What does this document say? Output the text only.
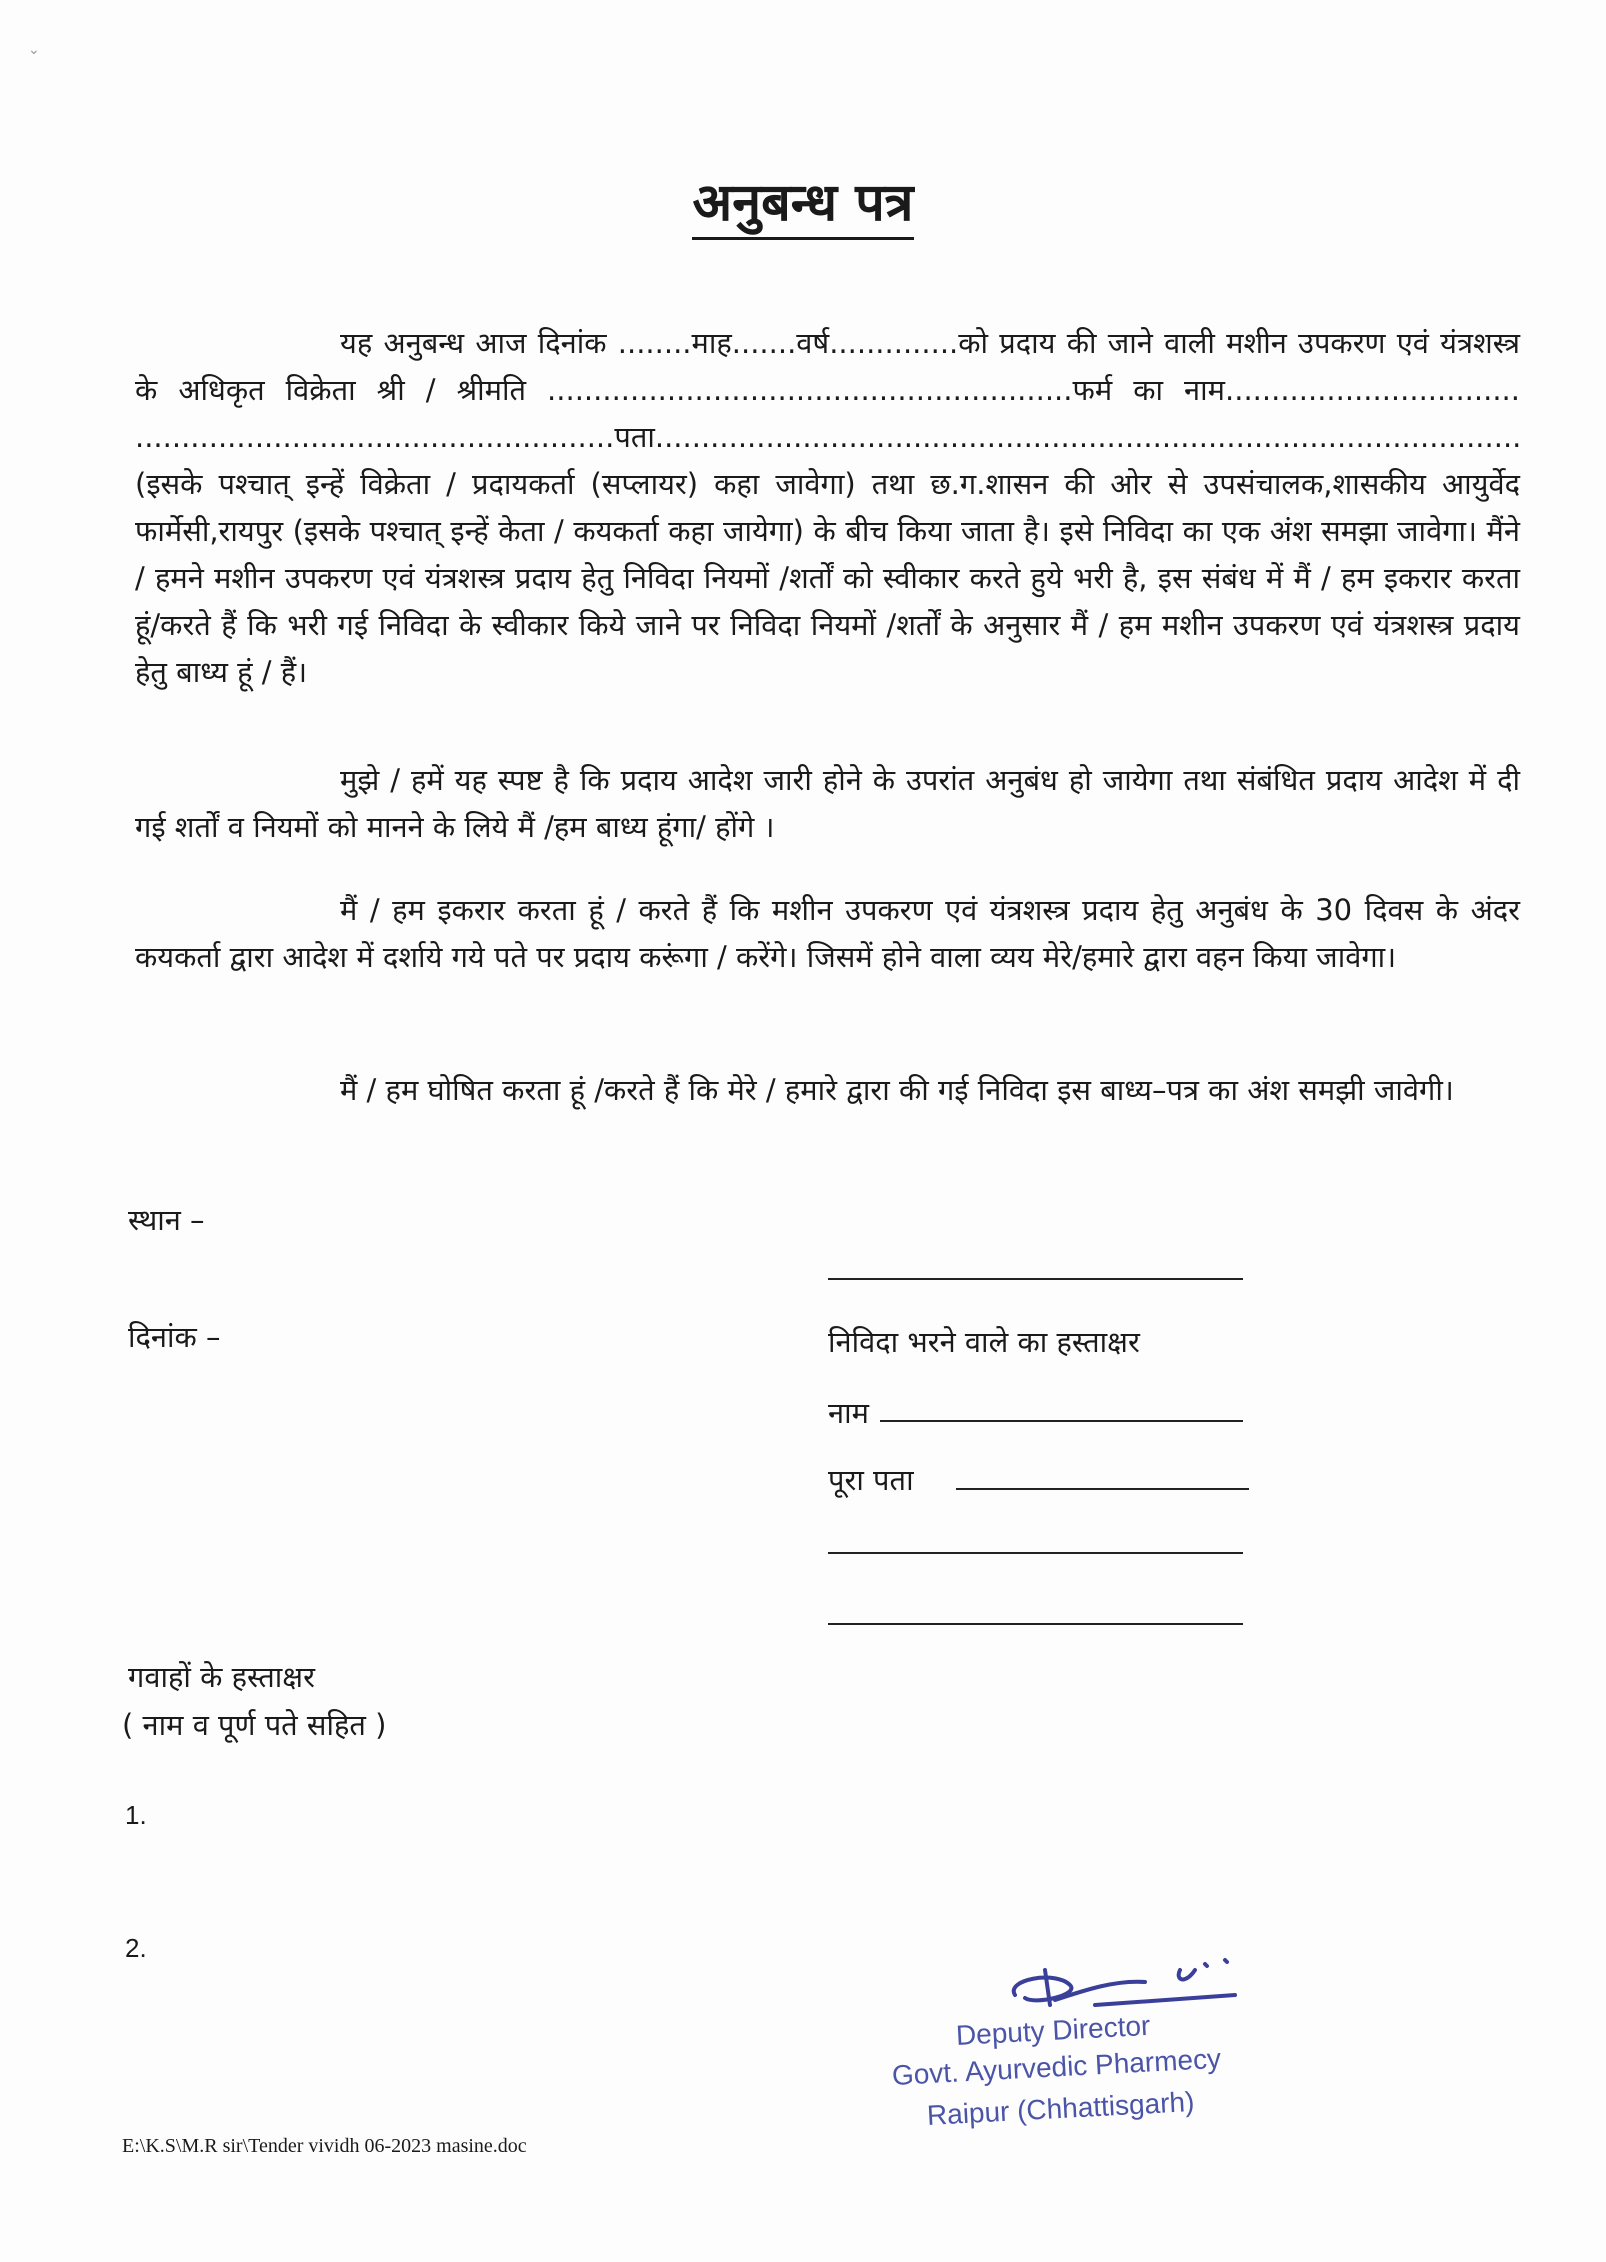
⌄
अनुबन्ध पत्र
यह अनुबन्ध आज दिनांक ........माह.......वर्ष..............को प्रदाय की जाने वाली मशीन उपकरण एवं यंत्रशस्त्र के अधिकृत विक्रेता श्री / श्रीमति .........................................................फर्म का नाम................................ ....................................................पता..............................................................................................(इसके पश्चात् इन्हें विक्रेता / प्रदायकर्ता (सप्लायर) कहा जावेगा) तथा छ.ग.शासन की ओर से उपसंचालक,शासकीय आयुर्वेद फार्मेसी,रायपुर (इसके पश्चात् इन्हें केता / कयकर्ता कहा जायेगा) के बीच किया जाता है। इसे निविदा का एक अंश समझा जावेगा। मैंने / हमने मशीन उपकरण एवं यंत्रशस्त्र प्रदाय हेतु निविदा नियमों /शर्तों को स्वीकार करते हुये भरी है, इस संबंध में मैं / हम इकरार करता हूं/करते हैं कि भरी गई निविदा के स्वीकार किये जाने पर निविदा नियमों /शर्तों के अनुसार मैं / हम मशीन उपकरण एवं यंत्रशस्त्र प्रदाय हेतु बाध्य हूं / हैं।
मुझे / हमें यह स्पष्ट है कि प्रदाय आदेश जारी होने के उपरांत अनुबंध हो जायेगा तथा संबंधित प्रदाय आदेश में दी गई शर्तों व नियमों को मानने के लिये मैं /हम बाध्य हूंगा/ होंगे ।
मैं / हम इकरार करता हूं / करते हैं कि मशीन उपकरण एवं यंत्रशस्त्र प्रदाय हेतु अनुबंध के 30 दिवस के अंदर कयकर्ता द्वारा आदेश में दर्शाये गये पते पर प्रदाय करूंगा / करेंगे। जिसमें होने वाला व्यय मेरे/हमारे द्वारा वहन किया जावेगा।
मैं / हम घोषित करता हूं /करते हैं कि मेरे / हमारे द्वारा की गई निविदा इस बाध्य–पत्र का अंश समझी जावेगी।
स्थान –
दिनांक –	निविदा भरने वाले का हस्ताक्षर
नाम
पूरा पता
गवाहों के हस्ताक्षर
( नाम व पूर्ण पते सहित )
1.
2.
Deputy Director
Govt. Ayurvedic Pharmecy
Raipur (Chhattisgarh)
E:\K.S\M.R sir\Tender vividh 06-2023 masine.doc
